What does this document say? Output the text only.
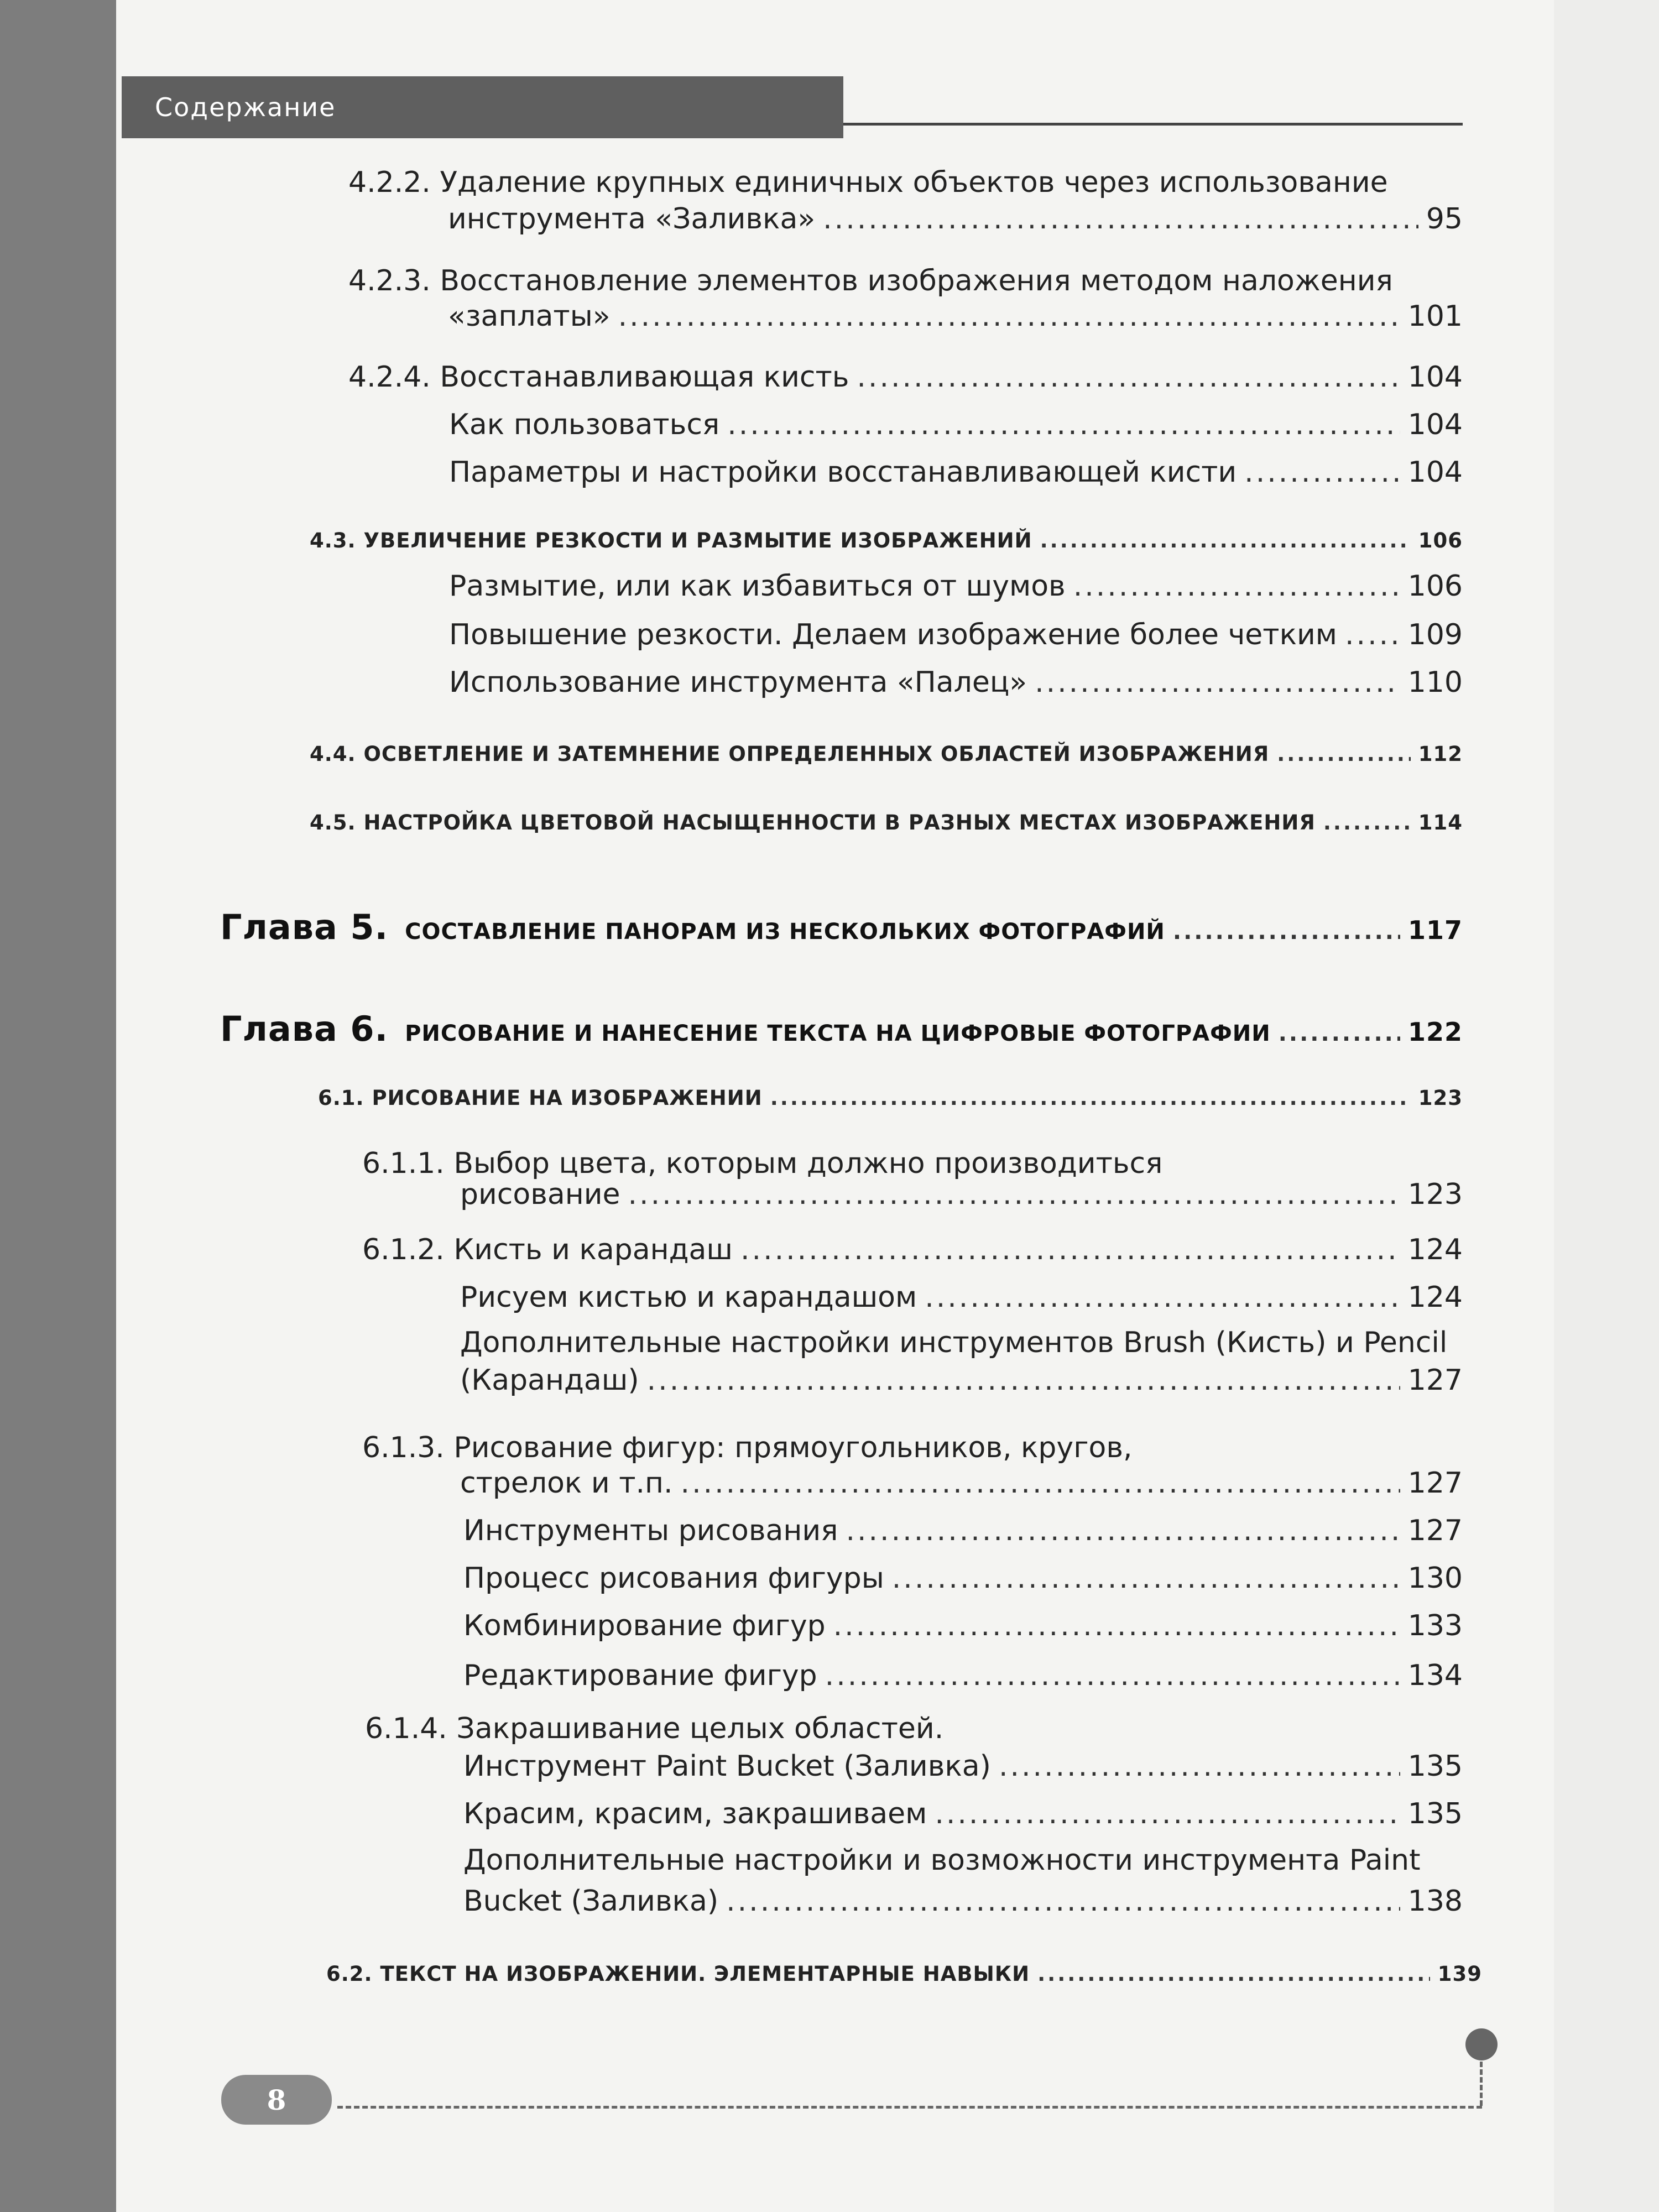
Содержание
4.2.2. Удаление крупных единичных объектов через использование
инструмента «Заливка» .....	95
4.2.3. Восстановление элементов изображения методом наложения
«заплаты» .....	101
4.2.4. Восстанавливающая кисть .....	104
Как пользоваться .....	104
Параметры и настройки восстанавливающей кисти .....	104
4.3. УВЕЛИЧЕНИЕ РЕЗКОСТИ И РАЗМЫТИЕ ИЗОБРАЖЕНИЙ .....	106
Размытие, или как избавиться от шумов .....	106
Повышение резкости. Делаем изображение более четким ..... 109
Использование инструмента «Палец» .....	110
4.4. ОСВЕТЛЕНИЕ И ЗАТЕМНЕНИЕ ОПРЕДЕЛЕННЫХ ОБЛАСТЕЙ ИЗОБРАЖЕНИЯ .....	112
4.5. НАСТРОЙКА ЦВЕТОВОЙ НАСЫЩЕННОСТИ В РАЗНЫХ МЕСТАХ ИЗОБРАЖЕНИЯ .....	114
Глава 5. СОСТАВЛЕНИЕ ПАНОРАМ ИЗ НЕСКОЛЬКИХ ФОТОГРАФИЙ .....	117
Глава 6. РИСОВАНИЕ И НАНЕСЕНИЕ ТЕКСТА НА ЦИФРОВЫЕ ФОТОГРАФИИ .....	122
6.1. РИСОВАНИЕ НА ИЗОБРАЖЕНИИ .....	123
6.1.1. Выбор цвета, которым должно производиться
рисование .....	123
6.1.2. Кисть и карандаш .....	124
Рисуем кистью и карандашом .....	124
Дополнительные настройки инструментов Brush (Кисть) и Pencil
(Карандаш) .....	127
6.1.3. Рисование фигур: прямоугольников, кругов,
стрелок и т.п. .....	127
Инструменты рисования .....	127
Процесс рисования фигуры .....	130
Комбинирование фигур .....	133
Редактирование фигур .....	134
6.1.4. Закрашивание целых областей.
Инструмент Paint Bucket (Заливка) .....	135
Красим, красим, закрашиваем .....	135
Дополнительные настройки и возможности инструмента Paint
Bucket (Заливка) .....	138
6.2. ТЕКСТ НА ИЗОБРАЖЕНИИ. ЭЛЕМЕНТАРНЫЕ НАВЫКИ .....	139
8
